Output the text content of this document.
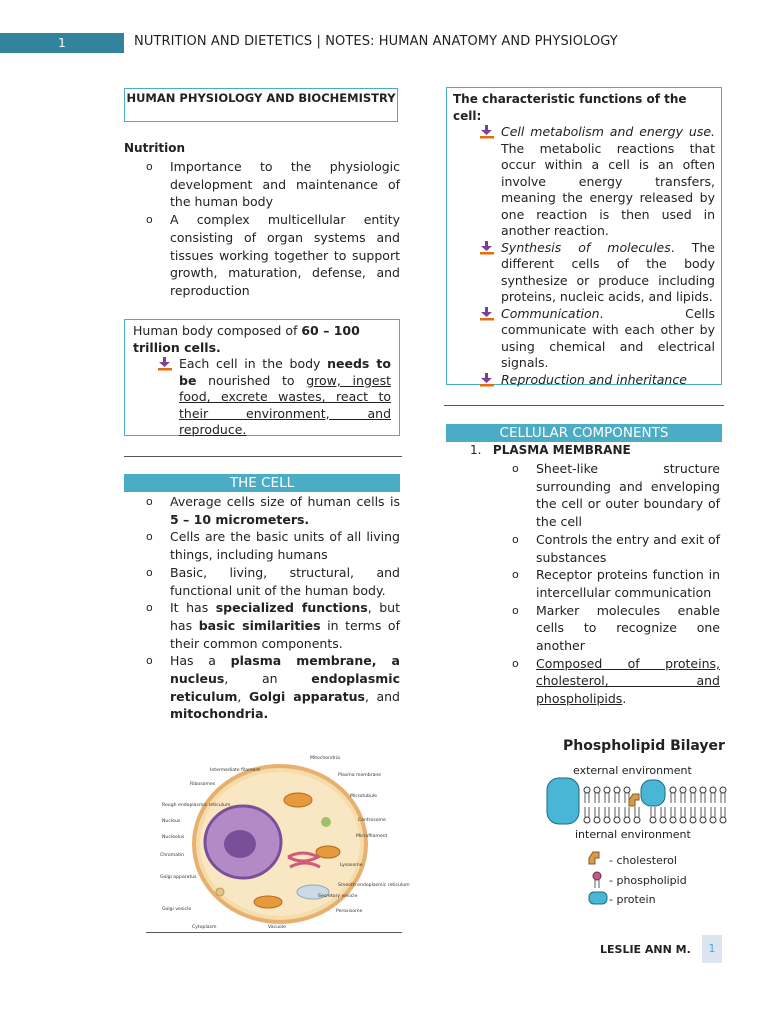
1	NUTRITION AND DIETETICS | NOTES: HUMAN ANATOMY AND PHYSIOLOGY
HUMAN PHYSIOLOGY AND BIOCHEMISTRY
Nutrition
o Importance to the physiologic development and maintenance of the human body
o A complex multicellular entity consisting of organ systems and tissues working together to support growth, maturation, defense, and reproduction
Human body composed of 60 – 100 trillion cells.
Each cell in the body needs to be nourished to grow, ingest food, excrete wastes, react to their environment, and reproduce.
THE CELL
o Average cells size of human cells is 5 – 10 micrometers.
o Cells are the basic units of all living things, including humans
o Basic, living, structural, and functional unit of the human body.
o It has specialized functions, but has basic similarities in terms of their common components.
o Has a plasma membrane, a nucleus, an endoplasmic reticulum, Golgi apparatus, and mitochondria.
Mitochondria
Intermediate filament
Plasma membrane
Ribosomes
Microtubule
Rough endoplasmic reticulum
Centrosome
Nucleus
Microfilament
Nucleolus
Chromatin
Lysosome
Golgi apparatus
Smooth endoplasmic reticulum
Secretory vesicle
Golgi vesicle	Peroxisome
Cytoplasm	Vacuole
The characteristic functions of the cell:
Cell metabolism and energy use. The metabolic reactions that occur within a cell is an often involve energy transfers, meaning the energy released by one reaction is then used in another reaction.
Synthesis of molecules. The different cells of the body synthesize or produce including proteins, nucleic acids, and lipids.
Communication. Cells communicate with each other by using chemical and electrical signals.
Reproduction and inheritance
CELLULAR COMPONENTS
1. PLASMA MEMBRANE
o Sheet-like structure surrounding and enveloping the cell or outer boundary of the cell
o Controls the entry and exit of substances
o Receptor proteins function in intercellular communication
o Marker molecules enable cells to recognize one another
o Composed of proteins, cholesterol, and phospholipids.
Phospholipid Bilayer
external environment
internal environment
- cholesterol
- phospholipid
- protein
LESLIE ANN M.	1
